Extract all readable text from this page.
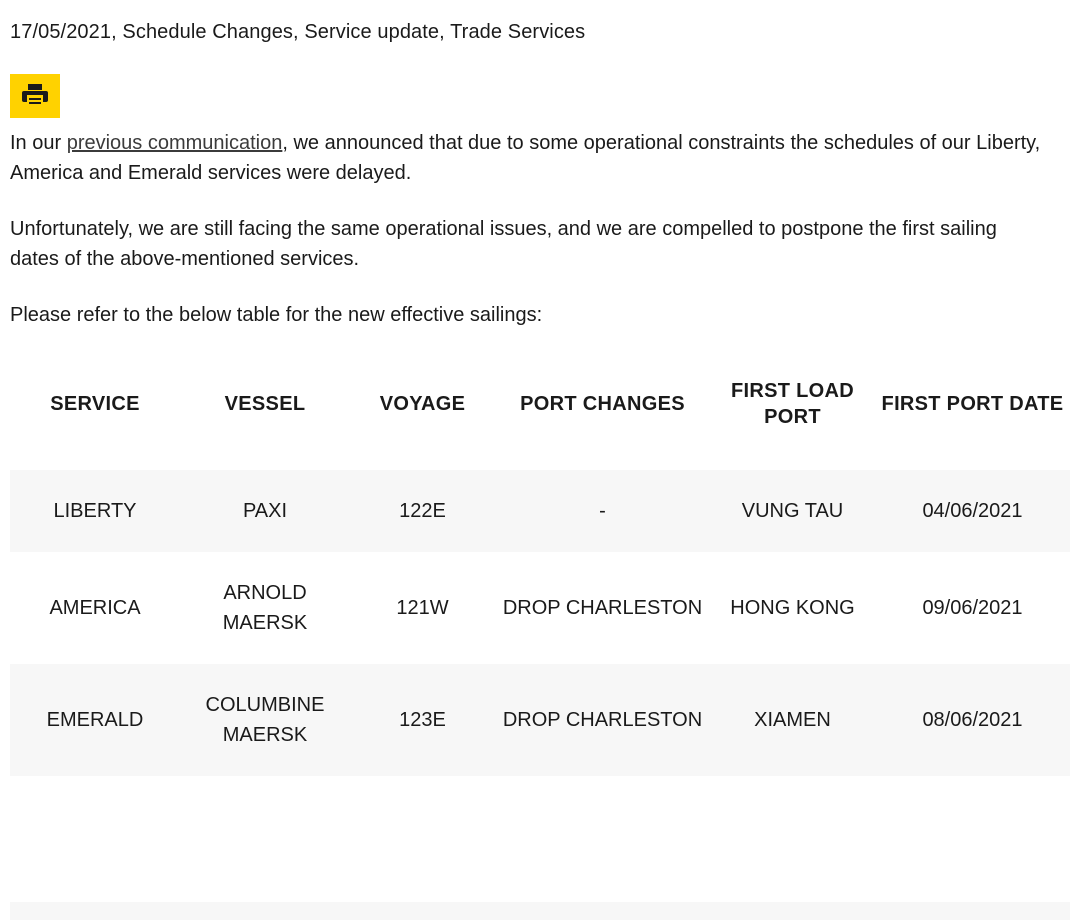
17/05/2021, Schedule Changes, Service update, Trade Services

In our previous communication, we announced that due to some operational constraints the schedules of our Liberty, America and Emerald services were delayed.

Unfortunately, we are still facing the same operational issues, and we are compelled to postpone the first sailing dates of the above-mentioned services.

Please refer to the below table for the new effective sailings:

SERVICE	VESSEL	VOYAGE	PORT CHANGES	FIRST LOAD PORT	FIRST PORT DATE
LIBERTY	PAXI	122E	-	VUNG TAU	04/06/2021
AMERICA	ARNOLD MAERSK	121W	DROP CHARLESTON	HONG KONG	09/06/2021
EMERALD	COLUMBINE MAERSK	123E	DROP CHARLESTON	XIAMEN	08/06/2021
